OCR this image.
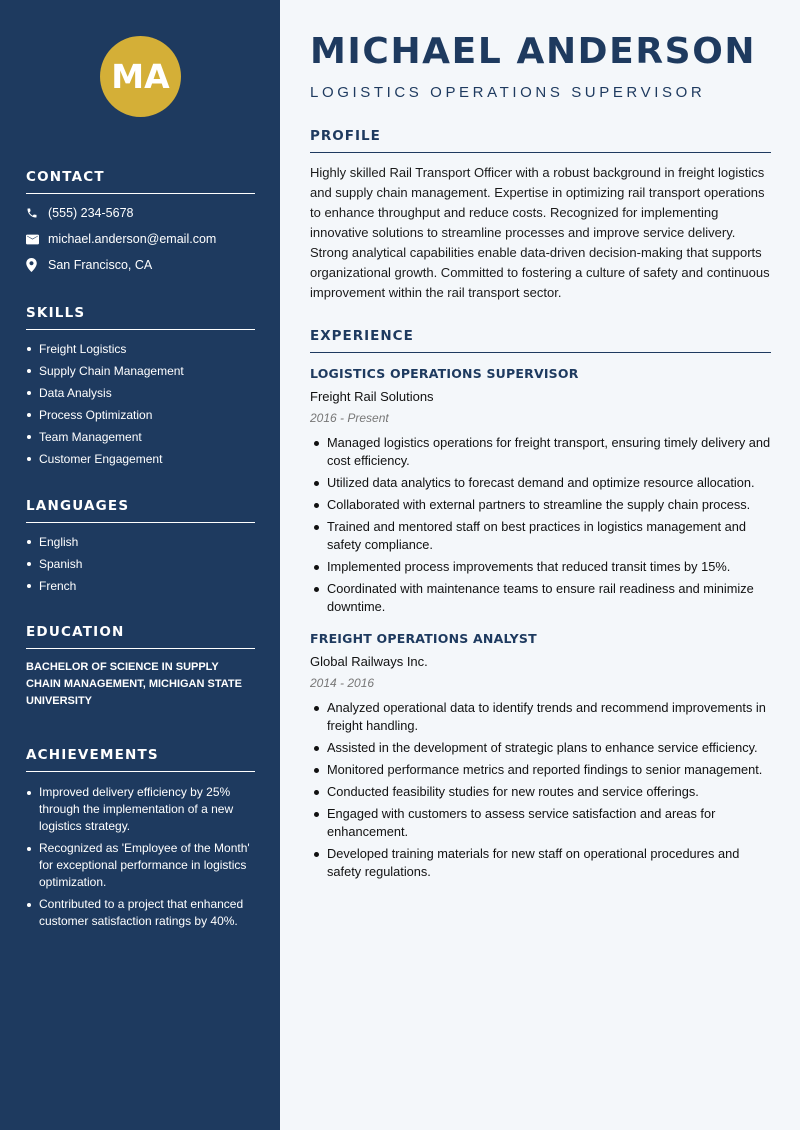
MA
CONTACT
(555) 234-5678
michael.anderson@email.com
San Francisco, CA
SKILLS
Freight Logistics
Supply Chain Management
Data Analysis
Process Optimization
Team Management
Customer Engagement
LANGUAGES
English
Spanish
French
EDUCATION
BACHELOR OF SCIENCE IN SUPPLY CHAIN MANAGEMENT, MICHIGAN STATE UNIVERSITY
ACHIEVEMENTS
Improved delivery efficiency by 25% through the implementation of a new logistics strategy.
Recognized as 'Employee of the Month' for exceptional performance in logistics optimization.
Contributed to a project that enhanced customer satisfaction ratings by 40%.
MICHAEL ANDERSON
LOGISTICS OPERATIONS SUPERVISOR
PROFILE
Highly skilled Rail Transport Officer with a robust background in freight logistics and supply chain management. Expertise in optimizing rail transport operations to enhance throughput and reduce costs. Recognized for implementing innovative solutions to streamline processes and improve service delivery. Strong analytical capabilities enable data-driven decision-making that supports organizational growth. Committed to fostering a culture of safety and continuous improvement within the rail transport sector.
EXPERIENCE
LOGISTICS OPERATIONS SUPERVISOR
Freight Rail Solutions
2016 - Present
Managed logistics operations for freight transport, ensuring timely delivery and cost efficiency.
Utilized data analytics to forecast demand and optimize resource allocation.
Collaborated with external partners to streamline the supply chain process.
Trained and mentored staff on best practices in logistics management and safety compliance.
Implemented process improvements that reduced transit times by 15%.
Coordinated with maintenance teams to ensure rail readiness and minimize downtime.
FREIGHT OPERATIONS ANALYST
Global Railways Inc.
2014 - 2016
Analyzed operational data to identify trends and recommend improvements in freight handling.
Assisted in the development of strategic plans to enhance service efficiency.
Monitored performance metrics and reported findings to senior management.
Conducted feasibility studies for new routes and service offerings.
Engaged with customers to assess service satisfaction and areas for enhancement.
Developed training materials for new staff on operational procedures and safety regulations.
